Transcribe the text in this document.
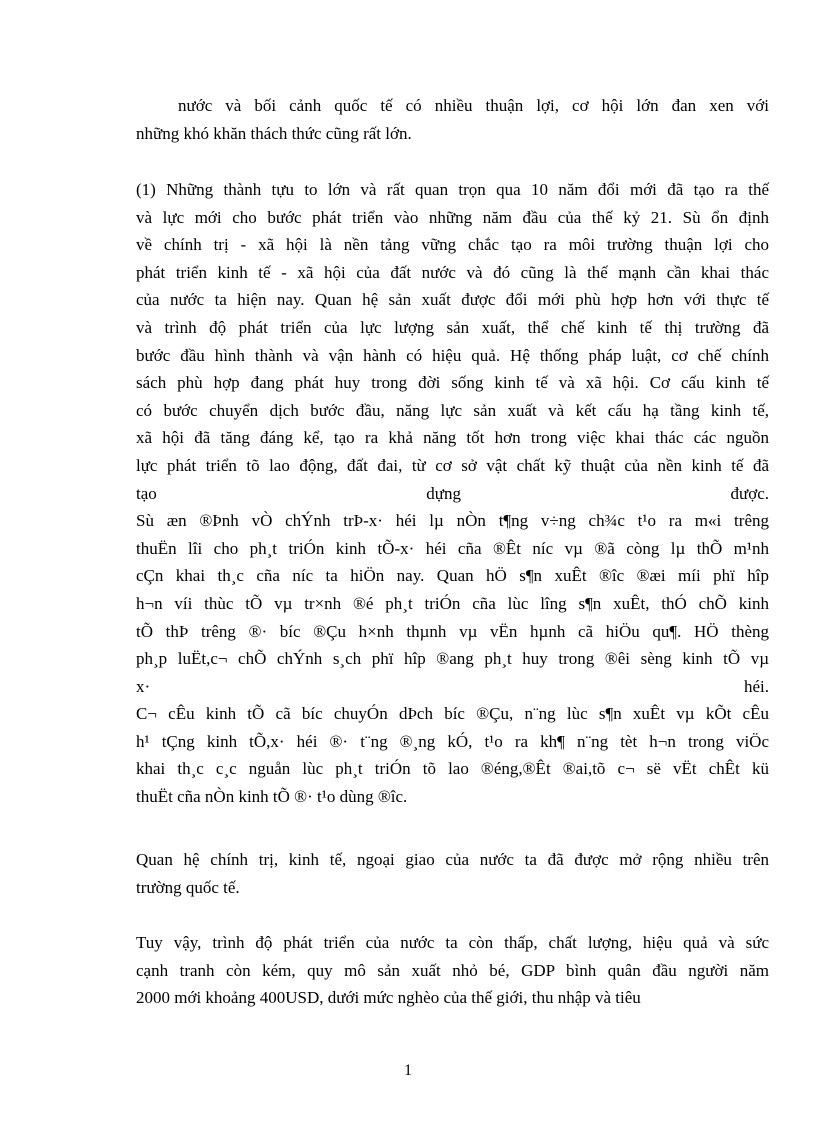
nước và bối cảnh quốc tế có nhiều thuận lợi, cơ hội lớn đan xen với
những khó khăn thách thức cũng rất lớn.
(1) Những thành tựu to lớn và rất quan trọn qua 10 năm đổi mới đã tạo ra thế
và lực mới cho bước phát triển vào những năm đầu của thế kỷ 21. Sù ổn định
về chính trị - xã hội là nền tảng vững chắc tạo ra môi trường thuận lợi cho
phát triển kinh tế - xã hội của đất nước và đó cũng là thế mạnh cần khai thác
của nước ta hiện nay. Quan hệ sản xuất được đổi mới phù hợp hơn với thực tế
và trình độ phát triển của lực lượng sản xuất, thể chế kinh tế thị trường đã
bước đầu hình thành và vận hành có hiệu quả. Hệ thống pháp luật, cơ chế chính
sách phù hợp đang phát huy trong đời sống kinh tế và xã hội. Cơ cấu kinh tế
có bước chuyển dịch bước đầu, năng lực sản xuất và kết cấu hạ tầng kinh tế,
xã hội đã tăng đáng kể, tạo ra khả năng tốt hơn trong việc khai thác các nguồn
lực phát triển tõ lao động, đất đai, từ cơ sở vật chất kỹ thuật của nền kinh tế đã
tạo dựng được.
Sù æn ®Þnh vÒ chÝnh trÞ-x· héi lµ nÒn t¶ng v÷ng ch¾c t¹o ra m«i trêng
thuËn lîi cho ph¸t triÓn kinh tÕ-x· héi cña ®Êt níc vµ ®ã còng lµ thÕ m¹nh
cÇn khai th¸c cña níc ta hiÖn nay. Quan hÖ s¶n xuÊt ®îc ®æi míi phï hîp
h¬n víi thùc tÕ vµ tr×nh ®é ph¸t triÓn cña lùc lîng s¶n xuÊt, thÓ chÕ kinh
tÕ thÞ trêng ®· bíc ®Çu h×nh thµnh vµ vËn hµnh cã hiÖu qu¶. HÖ thèng
ph¸p luËt,c¬ chÕ chÝnh s¸ch phï hîp ®ang ph¸t huy trong ®êi sèng kinh tÕ vµ
x· héi.
C¬ cÊu kinh tÕ cã bíc chuyÓn dÞch bíc ®Çu, n¨ng lùc s¶n xuÊt vµ kÕt cÊu
h¹ tÇng kinh tÕ,x· héi ®· t¨ng ®¸ng kÓ, t¹o ra kh¶ n¨ng tèt h¬n trong viÖc
khai th¸c c¸c nguån lùc ph¸t triÓn tõ lao ®éng,®Êt ®ai,tõ c¬ së vËt chÊt kü
thuËt cña nÒn kinh tÕ ®· t¹o dùng ®îc.
Quan hệ chính trị, kinh tế, ngoại giao của nước ta đã được mở rộng nhiều trên
trường quốc tế.
Tuy vậy, trình độ phát triển của nước ta còn thấp, chất lượng, hiệu quả và sức
cạnh tranh còn kém, quy mô sản xuất nhỏ bé, GDP bình quân đầu người năm
2000 mới khoảng 400USD, dưới mức nghèo của thế giới, thu nhập và tiêu
1
